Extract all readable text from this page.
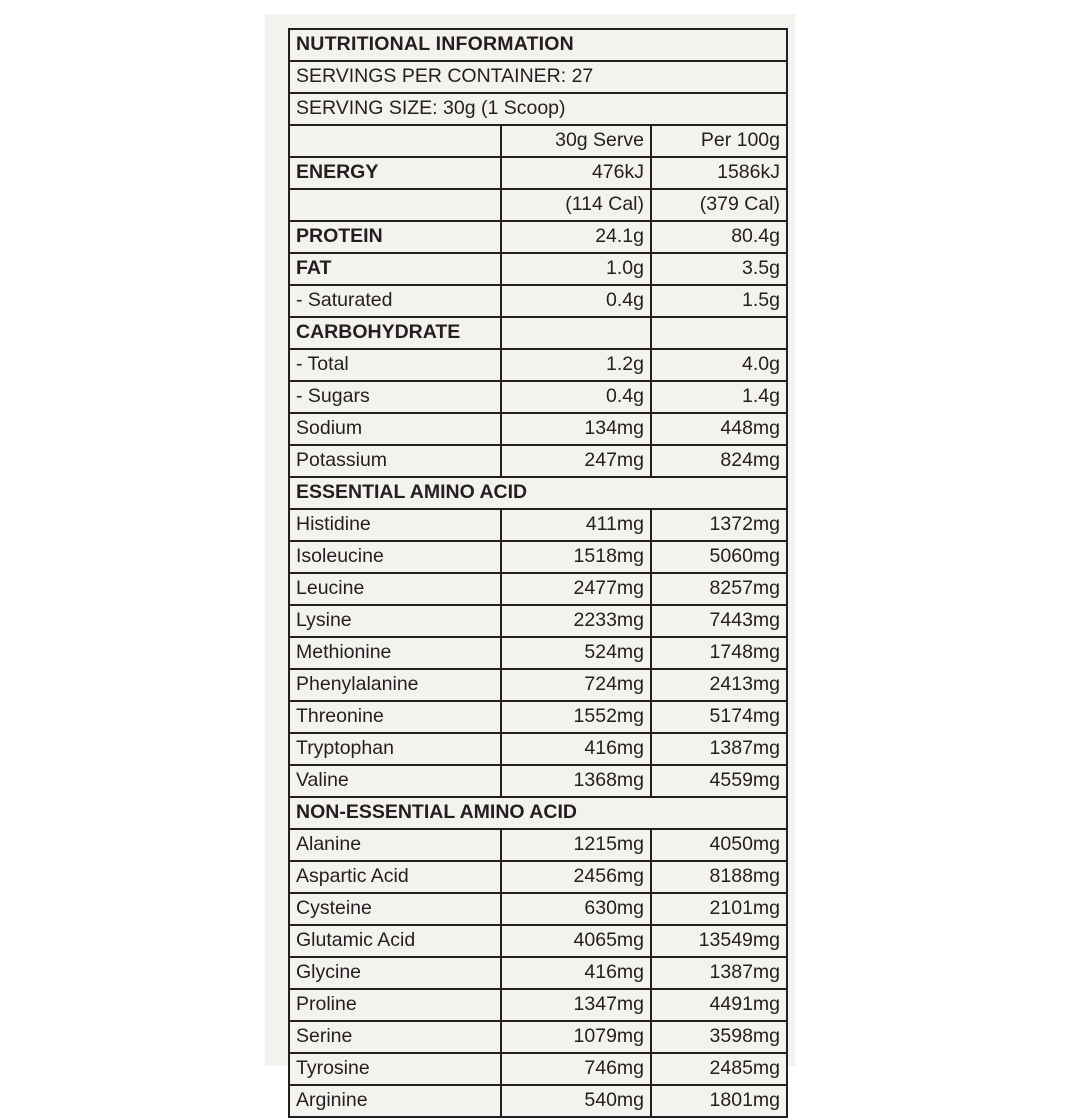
NUTRITIONAL INFORMATION		
SERVINGS PER CONTAINER: 27		
SERVING SIZE: 30g (1 Scoop)		
	30g Serve	Per 100g
ENERGY	476kJ	1586kJ
	(114 Cal)	(379 Cal)
PROTEIN	24.1g	80.4g
FAT	1.0g	3.5g
- Saturated	0.4g	1.5g
CARBOHYDRATE		
- Total	1.2g	4.0g
- Sugars	0.4g	1.4g
Sodium	134mg	448mg
Potassium	247mg	824mg
ESSENTIAL AMINO ACID		
Histidine	411mg	1372mg
Isoleucine	1518mg	5060mg
Leucine	2477mg	8257mg
Lysine	2233mg	7443mg
Methionine	524mg	1748mg
Phenylalanine	724mg	2413mg
Threonine	1552mg	5174mg
Tryptophan	416mg	1387mg
Valine	1368mg	4559mg
NON-ESSENTIAL AMINO ACID		
Alanine	1215mg	4050mg
Aspartic Acid	2456mg	8188mg
Cysteine	630mg	2101mg
Glutamic Acid	4065mg	13549mg
Glycine	416mg	1387mg
Proline	1347mg	4491mg
Serine	1079mg	3598mg
Tyrosine	746mg	2485mg
Arginine	540mg	1801mg
